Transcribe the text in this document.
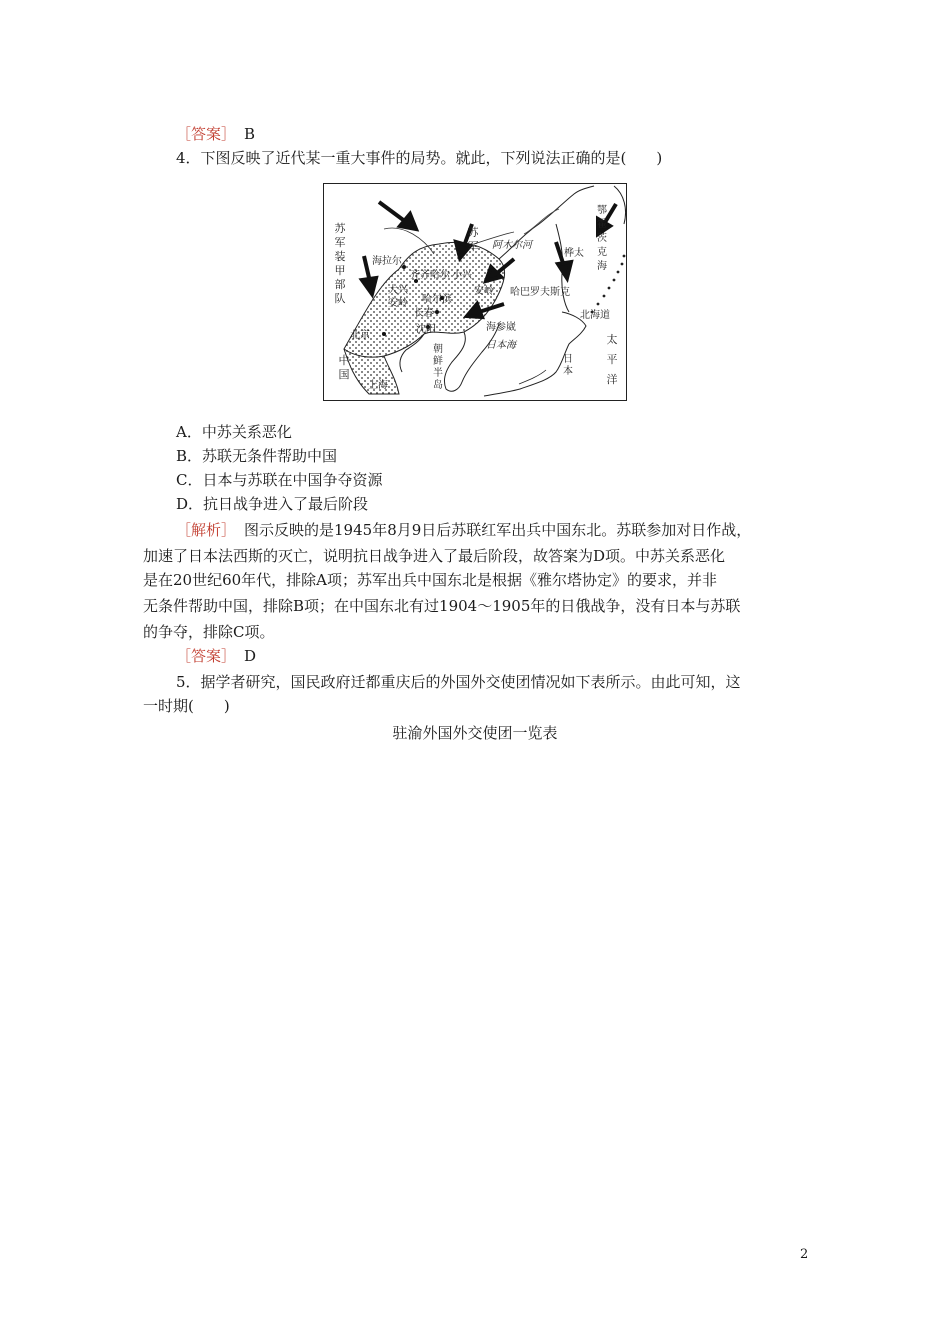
［答案］ B
4．下图反映了近代某一重大事件的局势。就此，下列说法正确的是(　　)
苏军装甲部队
苏军
海拉尔
齐齐哈尔 小兴
安岭
大兴安岭	哈尔滨
长春
沈阳
北京
中国
上海
阿木尔河
哈巴罗夫斯克
海参崴
日本海
朝鲜半岛
桦太
北海道
日本
鄂霍茨克海
太平洋
A．中苏关系恶化
B．苏联无条件帮助中国
C．日本与苏联在中国争夺资源
D．抗日战争进入了最后阶段
［解析］ 图示反映的是1945年8月9日后苏联红军出兵中国东北。苏联参加对日作战，
加速了日本法西斯的灭亡，说明抗日战争进入了最后阶段，故答案为D项。中苏关系恶化
是在20世纪60年代，排除A项；苏军出兵中国东北是根据《雅尔塔协定》的要求，并非
无条件帮助中国，排除B项；在中国东北有过1904～1905年的日俄战争，没有日本与苏联
的争夺，排除C项。
［答案］ D
5．据学者研究，国民政府迁都重庆后的外国外交使团情况如下表所示。由此可知，这
一时期(　　)
驻渝外国外交使团一览表
2
